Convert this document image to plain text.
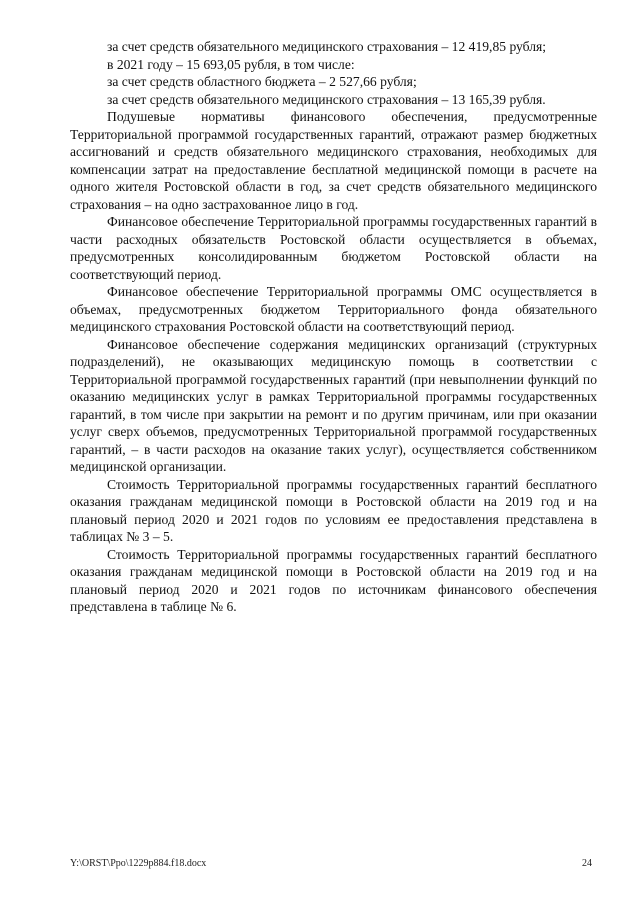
за счет средств обязательного медицинского страхования – 12 419,85 рубля;
в 2021 году – 15 693,05 рубля, в том числе:
за счет средств областного бюджета – 2 527,66 рубля;
за счет средств обязательного медицинского страхования – 13 165,39 рубля.

Подушевые нормативы финансового обеспечения, предусмотренные Территориальной программой государственных гарантий, отражают размер бюджетных ассигнований и средств обязательного медицинского страхования, необходимых для компенсации затрат на предоставление бесплатной медицинской помощи в расчете на одного жителя Ростовской области в год, за счет средств обязательного медицинского страхования – на одно застрахованное лицо в год.

Финансовое обеспечение Территориальной программы государственных гарантий в части расходных обязательств Ростовской области осуществляется в объемах, предусмотренных консолидированным бюджетом Ростовской области на соответствующий период.

Финансовое обеспечение Территориальной программы ОМС осуществляется в объемах, предусмотренных бюджетом Территориального фонда обязательного медицинского страхования Ростовской области на соответствующий период.

Финансовое обеспечение содержания медицинских организаций (структурных подразделений), не оказывающих медицинскую помощь в соответствии с Территориальной программой государственных гарантий (при невыполнении функций по оказанию медицинских услуг в рамках Территориальной программы государственных гарантий, в том числе при закрытии на ремонт и по другим причинам, или при оказании услуг сверх объемов, предусмотренных Территориальной программой государственных гарантий, – в части расходов на оказание таких услуг), осуществляется собственником медицинской организации.

Стоимость Территориальной программы государственных гарантий бесплатного оказания гражданам медицинской помощи в Ростовской области на 2019 год и на плановый период 2020 и 2021 годов по условиям ее предоставления представлена в таблицах № 3 – 5.

Стоимость Территориальной программы государственных гарантий бесплатного оказания гражданам медицинской помощи в Ростовской области на 2019 год и на плановый период 2020 и 2021 годов по источникам финансового обеспечения представлена в таблице № 6.

Y:\ORST\Ppo\1229p884.f18.docx	24
